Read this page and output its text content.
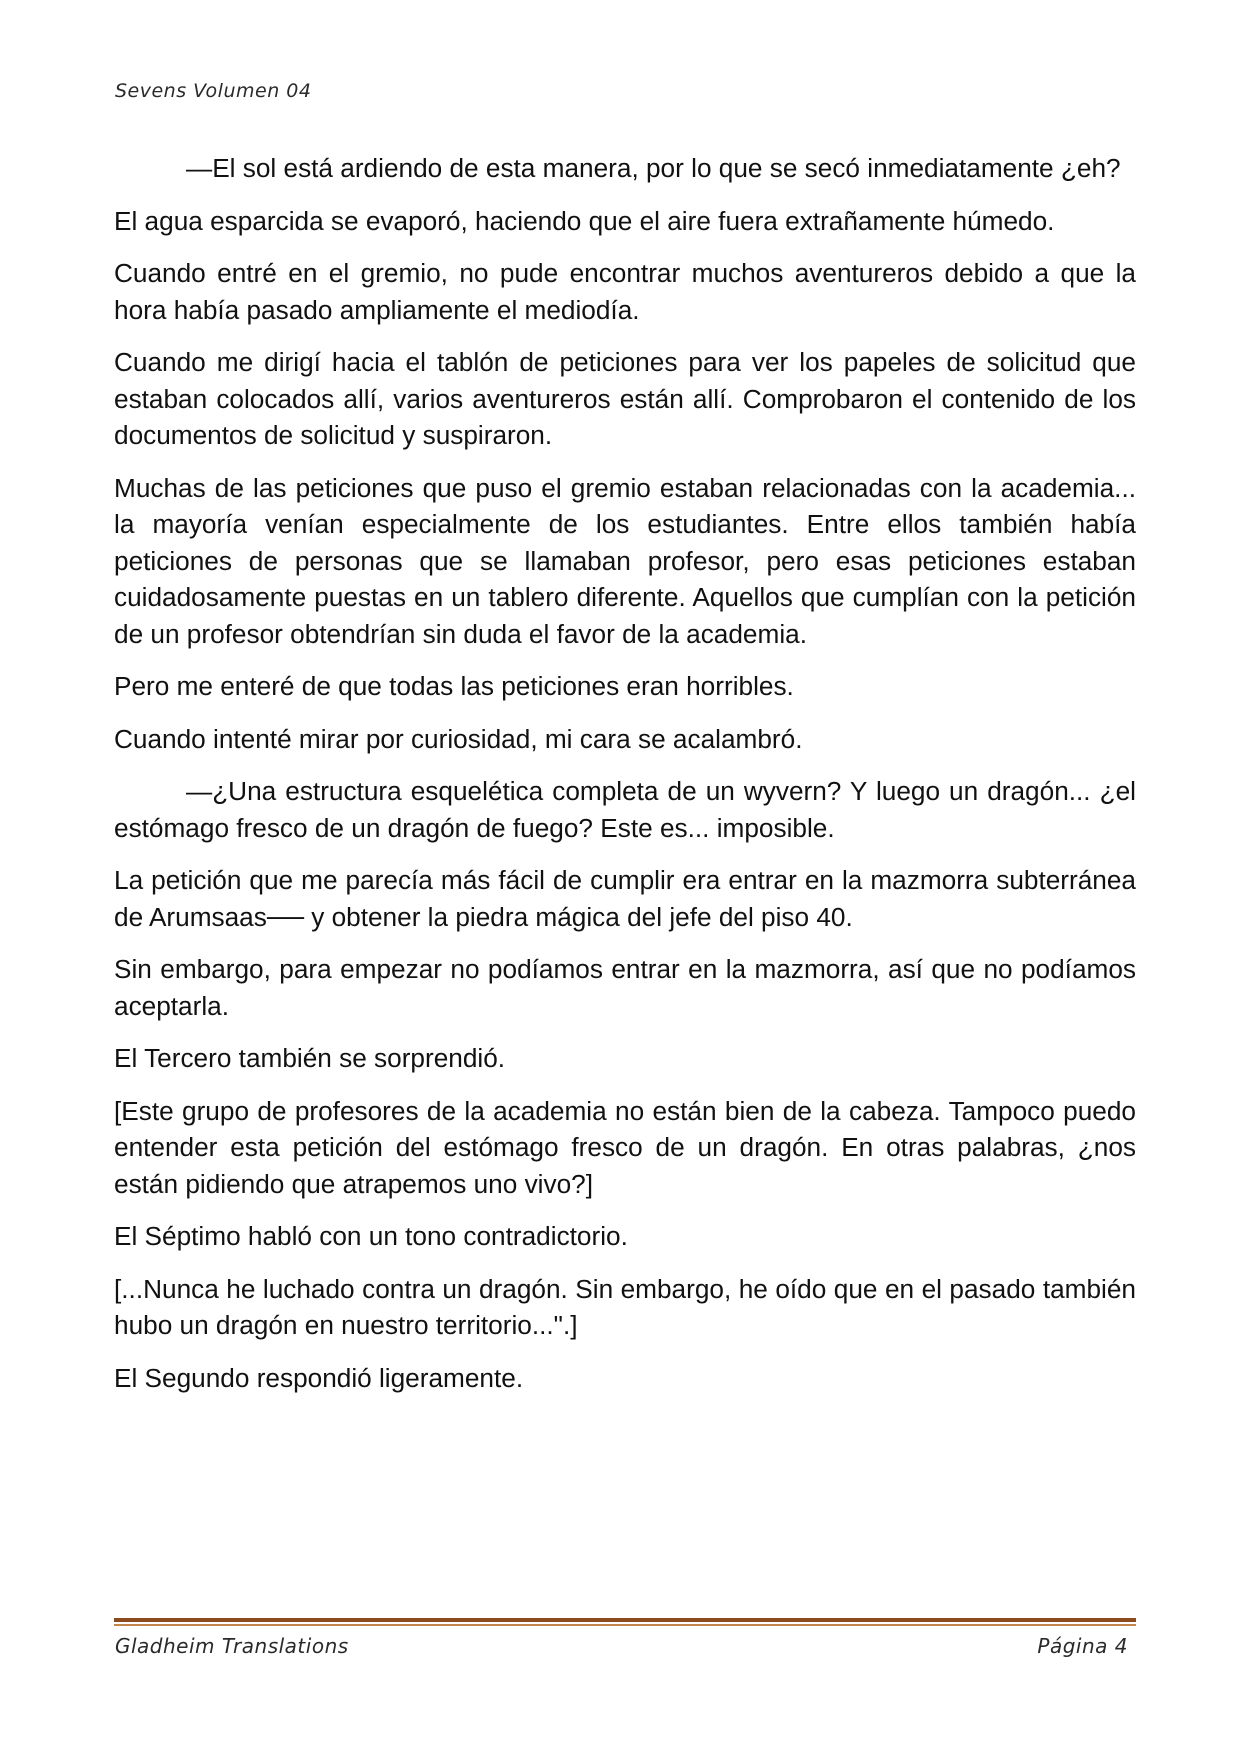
Sevens Volumen 04

—El sol está ardiendo de esta manera, por lo que se secó inmediatamente ¿eh?

El agua esparcida se evaporó, haciendo que el aire fuera extrañamente húmedo.

Cuando entré en el gremio, no pude encontrar muchos aventureros debido a que la hora había pasado ampliamente el mediodía.

Cuando me dirigí hacia el tablón de peticiones para ver los papeles de solicitud que estaban colocados allí, varios aventureros están allí. Comprobaron el contenido de los documentos de solicitud y suspiraron.

Muchas de las peticiones que puso el gremio estaban relacionadas con la academia... la mayoría venían especialmente de los estudiantes. Entre ellos también había peticiones de personas que se llamaban profesor, pero esas peticiones estaban cuidadosamente puestas en un tablero diferente. Aquellos que cumplían con la petición de un profesor obtendrían sin duda el favor de la academia.

Pero me enteré de que todas las peticiones eran horribles.

Cuando intenté mirar por curiosidad, mi cara se acalambró.

—¿Una estructura esquelética completa de un wyvern? Y luego un dragón... ¿el estómago fresco de un dragón de fuego? Este es... imposible.

La petición que me parecía más fácil de cumplir era entrar en la mazmorra subterránea de Arumsaas── y obtener la piedra mágica del jefe del piso 40.

Sin embargo, para empezar no podíamos entrar en la mazmorra, así que no podíamos aceptarla.

El Tercero también se sorprendió.

[Este grupo de profesores de la academia no están bien de la cabeza. Tampoco puedo entender esta petición del estómago fresco de un dragón. En otras palabras, ¿nos están pidiendo que atrapemos uno vivo?]

El Séptimo habló con un tono contradictorio.

[...Nunca he luchado contra un dragón. Sin embargo, he oído que en el pasado también hubo un dragón en nuestro territorio...".]

El Segundo respondió ligeramente.

Gladheim Translations	Página 4
